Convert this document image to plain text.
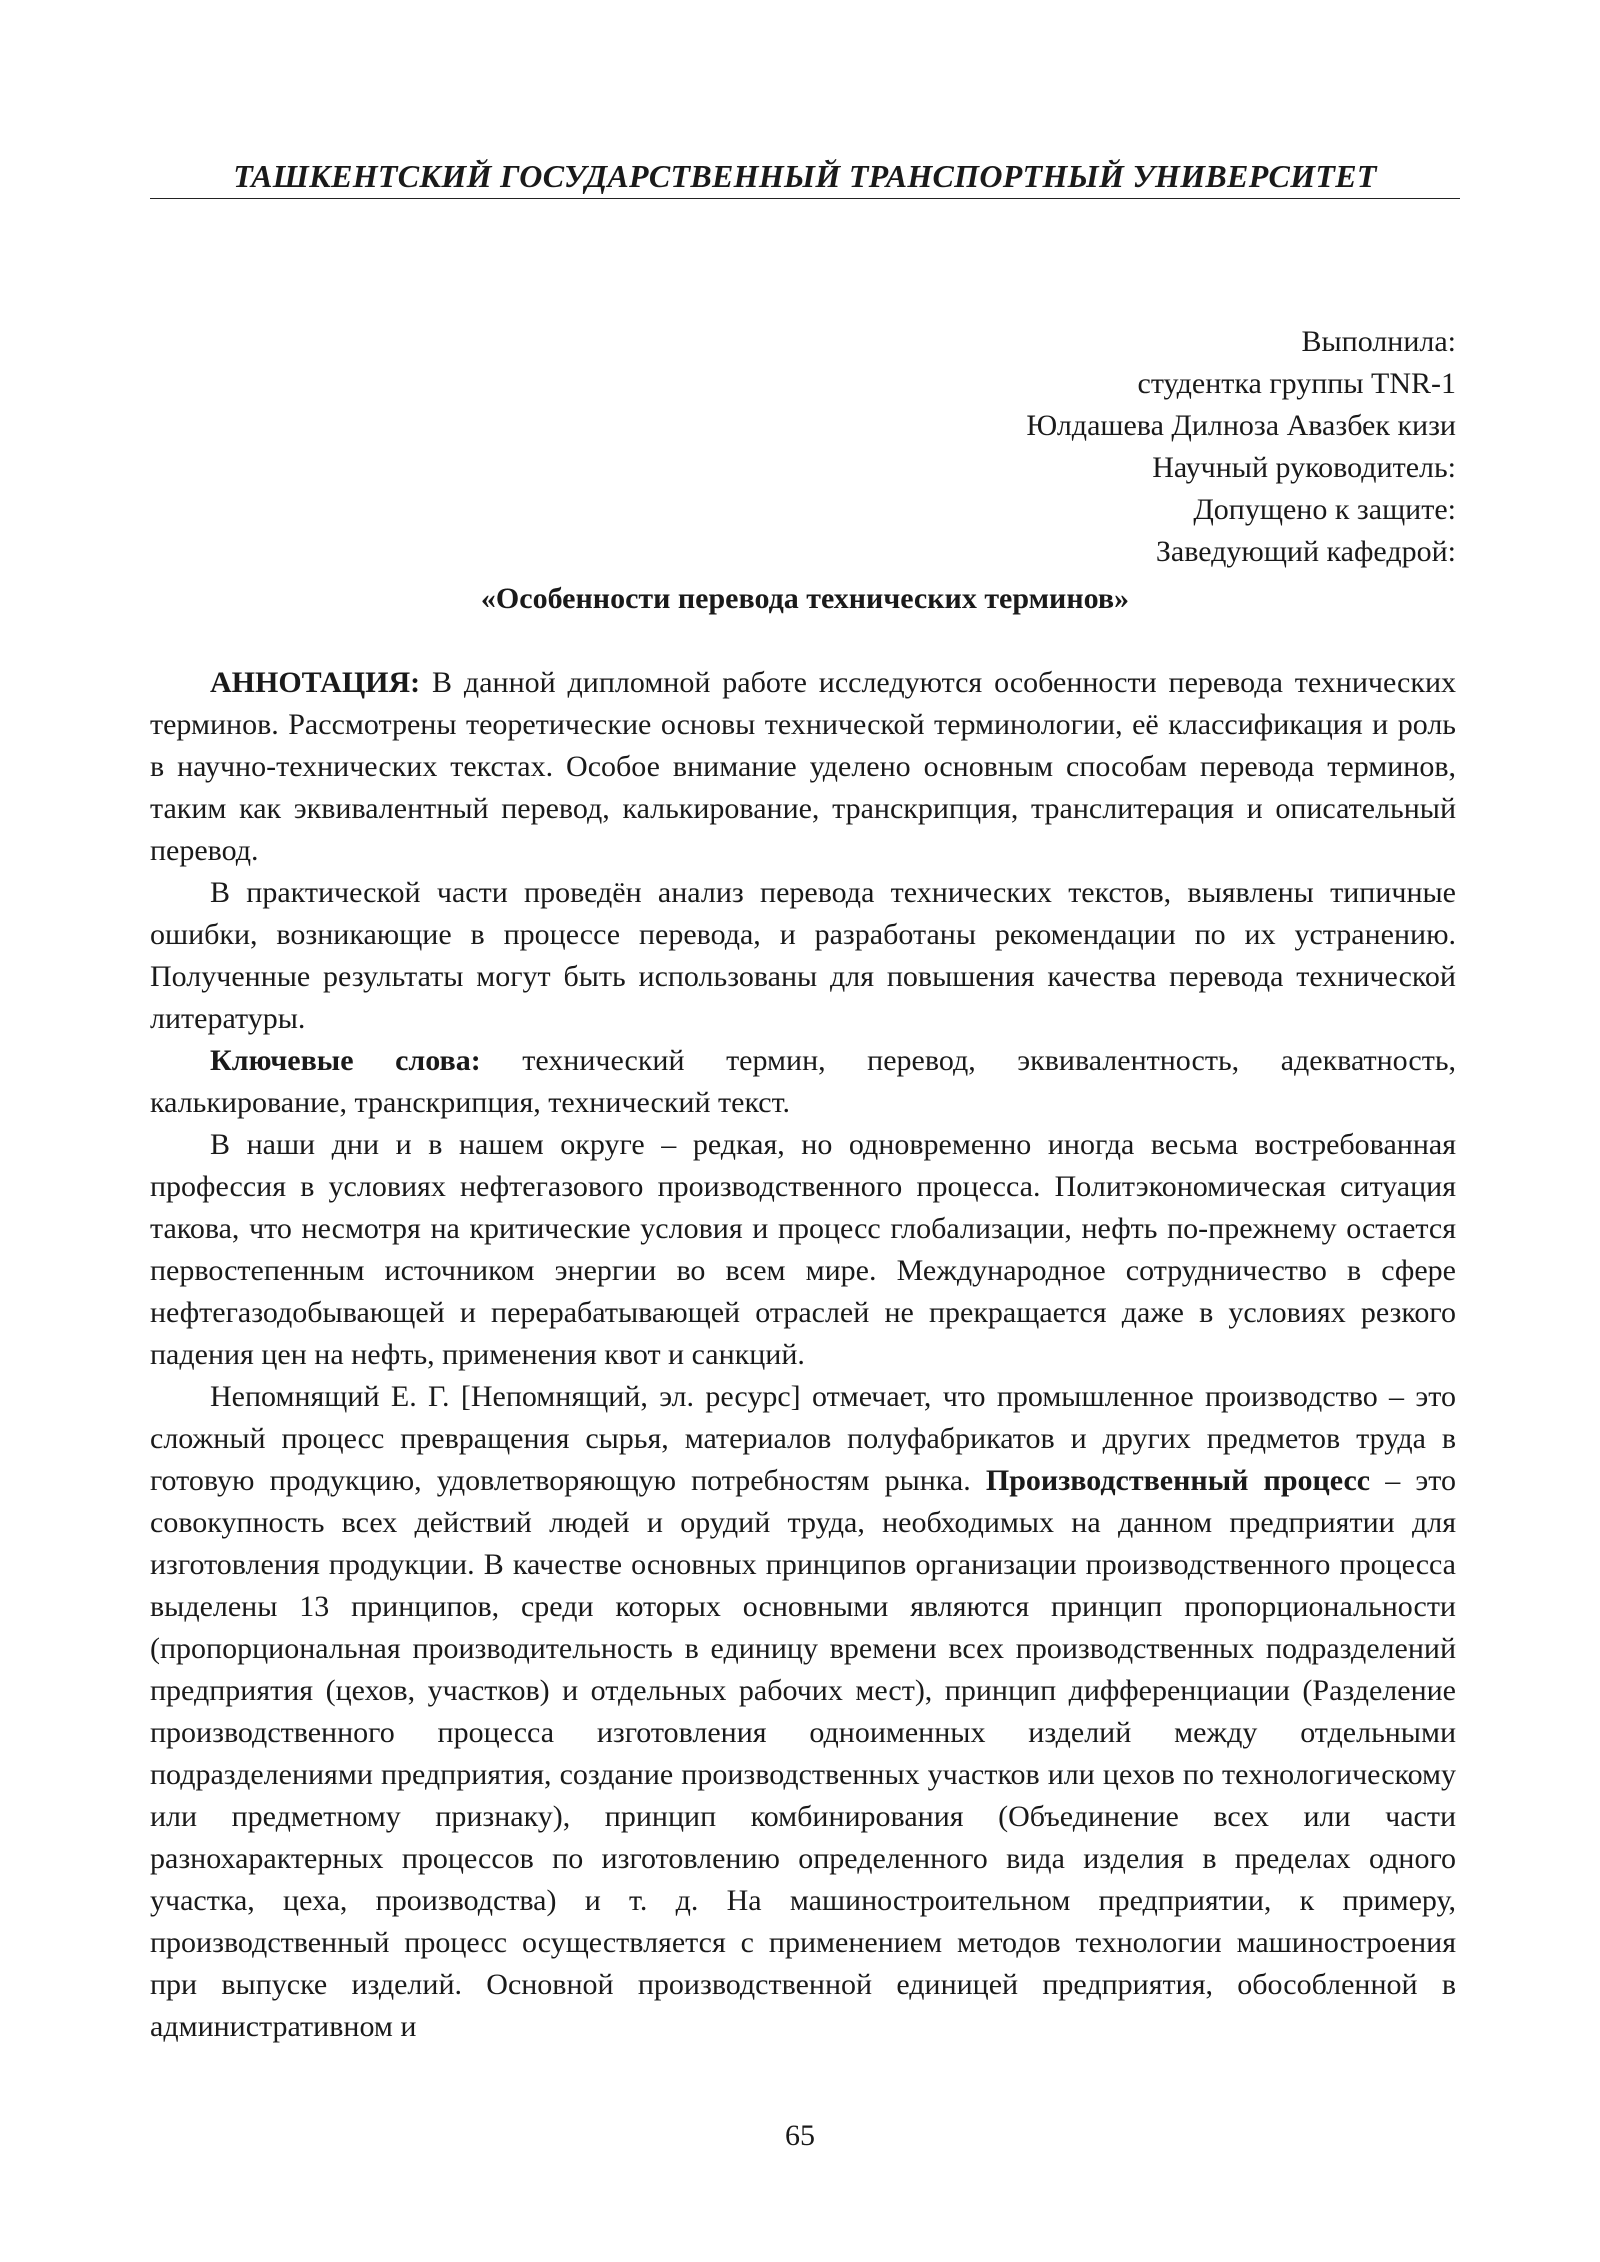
ТАШКЕНТСКИЙ ГОСУДАРСТВЕННЫЙ ТРАНСПОРТНЫЙ УНИВЕРСИТЕТ
Выполнила:
студентка группы TNR-1
Юлдашева Дилноза Авазбек кизи
Научный руководитель:
Допущено к защите:
Заведующий кафедрой:
«Особенности перевода технических терминов»

АННОТАЦИЯ: В данной дипломной работе исследуются особенности перевода технических терминов. Рассмотрены теоретические основы технической терминологии, её классификация и роль в научно-технических текстах. Особое внимание уделено основным способам перевода терминов, таким как эквивалентный перевод, калькирование, транскрипция, транслитерация и описательный перевод.

В практической части проведён анализ перевода технических текстов, выявлены типичные ошибки, возникающие в процессе перевода, и разработаны рекомендации по их устранению. Полученные результаты могут быть использованы для повышения качества перевода технической литературы.

Ключевые слова: технический термин, перевод, эквивалентность, адекватность, калькирование, транскрипция, технический текст.

В наши дни и в нашем округе – редкая, но одновременно иногда весьма востребованная профессия в условиях нефтегазового производственного процесса. Политэкономическая ситуация такова, что несмотря на критические условия и процесс глобализации, нефть по-прежнему остается первостепенным источником энергии во всем мире. Международное сотрудничество в сфере нефтегазодобывающей и перерабатывающей отраслей не прекращается даже в условиях резкого падения цен на нефть, применения квот и санкций.

Непомнящий Е. Г. [Непомнящий, эл. ресурс] отмечает, что промышленное производство – это сложный процесс превращения сырья, материалов полуфабрикатов и других предметов труда в готовую продукцию, удовлетворяющую потребностям рынка. Производственный процесс – это совокупность всех действий людей и орудий труда, необходимых на данном предприятии для изготовления продукции. В качестве основных принципов организации производственного процесса выделены 13 принципов, среди которых основными являются принцип пропорциональности (пропорциональная производительность в единицу времени всех производственных подразделений предприятия (цехов, участков) и отдельных рабочих мест), принцип дифференциации (Разделение производственного процесса изготовления одноименных изделий между отдельными подразделениями предприятия, создание производственных участков или цехов по технологическому или предметному признаку), принцип комбинирования (Объединение всех или части разнохарактерных процессов по изготовлению определенного вида изделия в пределах одного участка, цеха, производства) и т. д. На машиностроительном предприятии, к примеру, производственный процесс осуществляется с применением методов технологии машиностроения при выпуске изделий. Основной производственной единицей предприятия, обособленной в административном и

65
